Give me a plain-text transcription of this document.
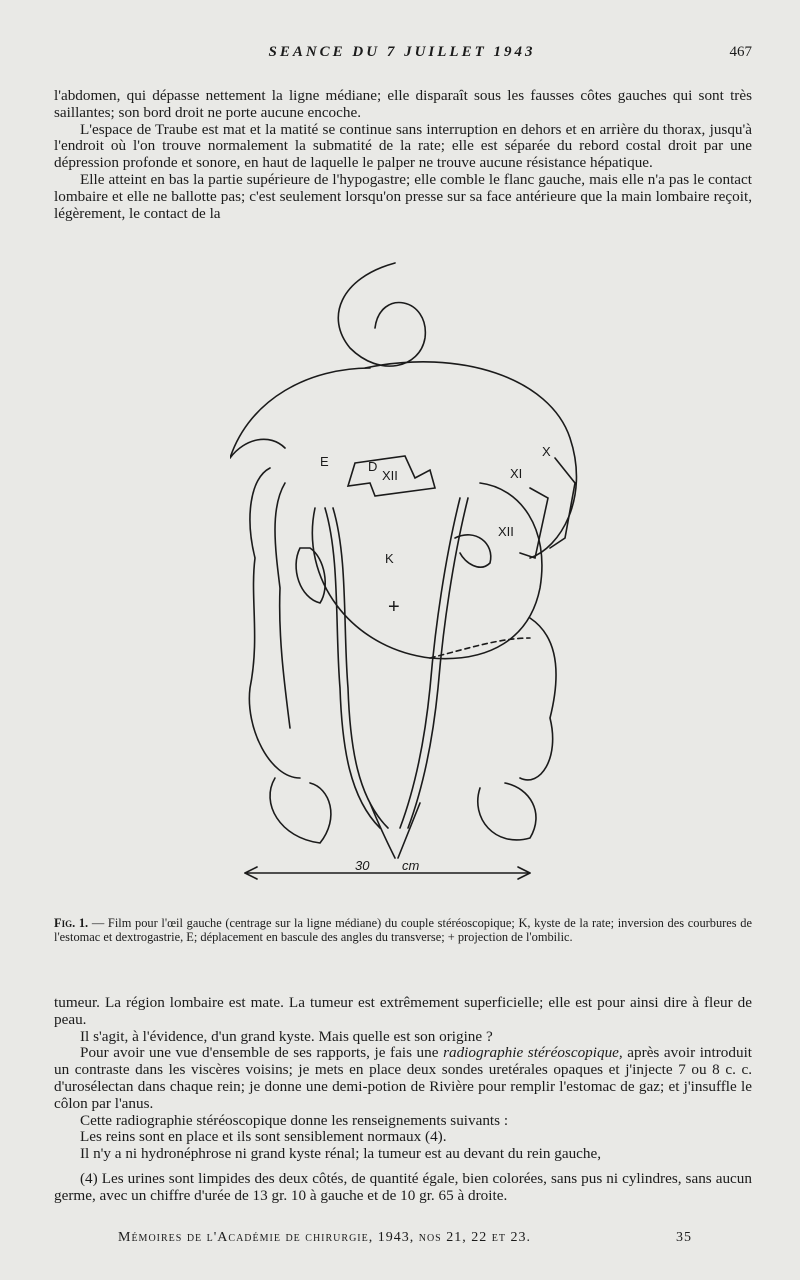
SEANCE DU 7 JUILLET 1943	467

l'abdomen, qui dépasse nettement la ligne médiane; elle disparaît sous les fausses côtes gauches qui sont très saillantes; son bord droit ne porte aucune encoche.

L'espace de Traube est mat et la matité se continue sans interruption en dehors et en arrière du thorax, jusqu'à l'endroit où l'on trouve normalement la submatité de la rate; elle est séparée du rebord costal droit par une dépression profonde et sonore, en haut de laquelle le palper ne trouve aucune résistance hépatique.

Elle atteint en bas la partie supérieure de l'hypogastre; elle comble le flanc gauche, mais elle n'a pas le contact lombaire et elle ne ballotte pas; c'est seulement lorsqu'on presse sur sa face antérieure que la main lombaire reçoit, légèrement, le contact de la

E	D
XII
K
+
X
XI
XII
30	cm

Fig. 1. — Film pour l'œil gauche (centrage sur la ligne médiane) du couple stéréoscopique; K, kyste de la rate; inversion des courbures de l'estomac et dextrogastrie, E; déplacement en bascule des angles du transverse; + projection de l'ombilic.

tumeur. La région lombaire est mate. La tumeur est extrêmement superficielle; elle est pour ainsi dire à fleur de peau.

Il s'agit, à l'évidence, d'un grand kyste. Mais quelle est son origine ?

Pour avoir une vue d'ensemble de ses rapports, je fais une radiographie stéréoscopique, après avoir introduit un contraste dans les viscères voisins; je mets en place deux sondes uretérales opaques et j'injecte 7 ou 8 c. c. d'urosélectan dans chaque rein; je donne une demi-potion de Rivière pour remplir l'estomac de gaz; et j'insuffle le côlon par l'anus.

Cette radiographie stéréoscopique donne les renseignements suivants :

Les reins sont en place et ils sont sensiblement normaux (4).

Il n'y a ni hydronéphrose ni grand kyste rénal; la tumeur est au devant du rein gauche,

(4) Les urines sont limpides des deux côtés, de quantité égale, bien colorées, sans pus ni cylindres, sans aucun germe, avec un chiffre d'urée de 13 gr. 10 à gauche et de 10 gr. 65 à droite.

Mémoires de l'Académie de chirurgie, 1943, nos 21, 22 et 23.	35
